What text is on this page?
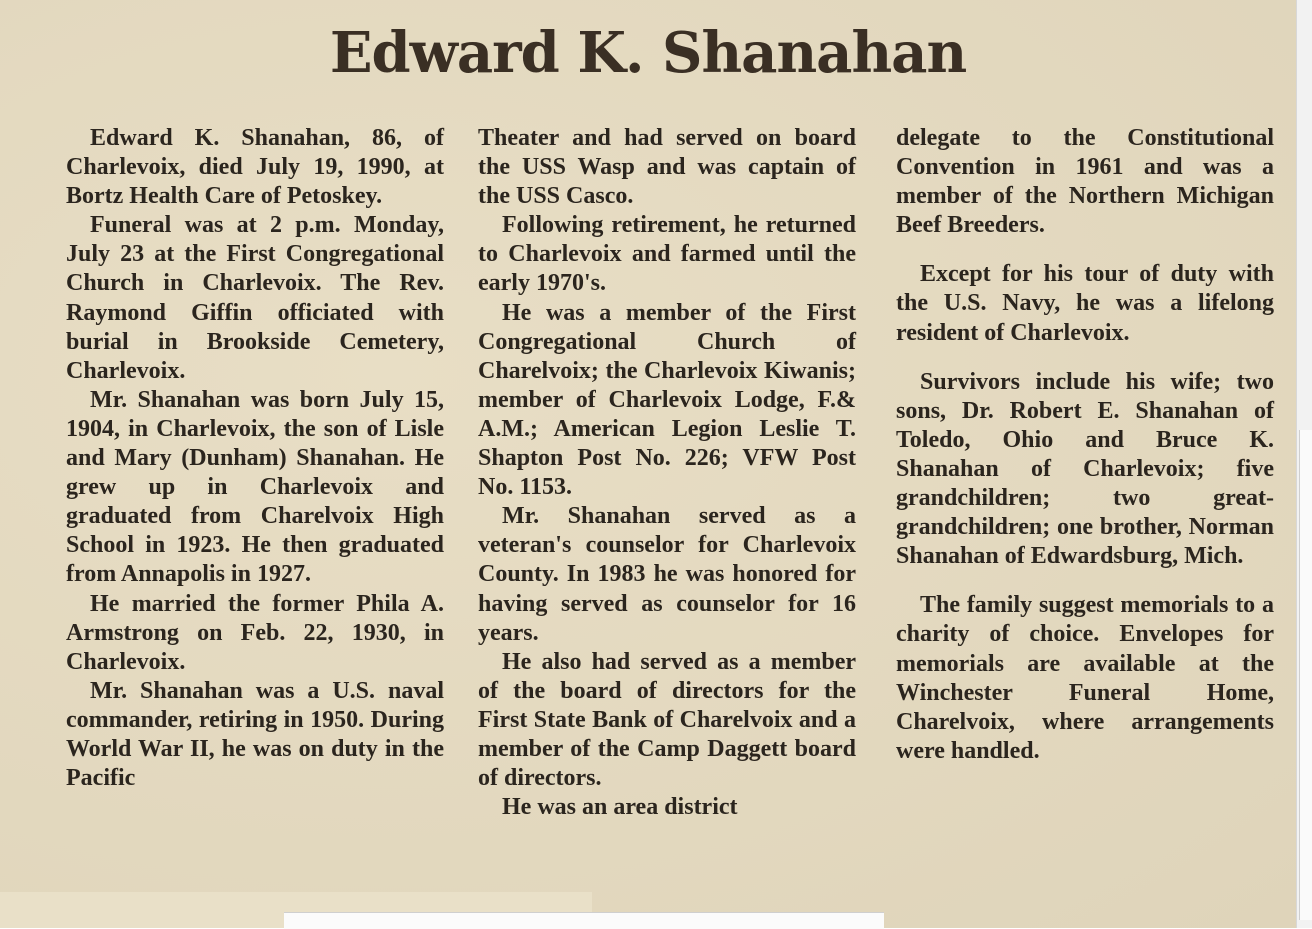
Edward K. Shanahan

Edward K. Shanahan, 86, of Charlevoix, died July 19, 1990, at Bortz Health Care of Petoskey.

Funeral was at 2 p.m. Monday, July 23 at the First Congregational Church in Charlevoix. The Rev. Raymond Giffin officiated with burial in Brookside Cemetery, Charlevoix.

Mr. Shanahan was born July 15, 1904, in Charlevoix, the son of Lisle and Mary (Dunham) Shanahan. He grew up in Charlevoix and graduated from Charelvoix High School in 1923. He then graduated from Annapolis in 1927.

He married the former Phila A. Armstrong on Feb. 22, 1930, in Charlevoix.

Mr. Shanahan was a U.S. naval commander, retiring in 1950. During World War II, he was on duty in the Pacific

Theater and had served on board the USS Wasp and was captain of the USS Casco.

Following retirement, he returned to Charlevoix and farmed until the early 1970's.

He was a member of the First Congregational Church of Charelvoix; the Charlevoix Kiwanis; member of Charlevoix Lodge, F.& A.M.; American Legion Leslie T. Shapton Post No. 226; VFW Post No. 1153.

Mr. Shanahan served as a veteran's counselor for Charlevoix County. In 1983 he was honored for having served as counselor for 16 years.

He also had served as a member of the board of directors for the First State Bank of Charelvoix and a member of the Camp Daggett board of directors.

He was an area district

delegate to the Constitutional Convention in 1961 and was a member of the Northern Michigan Beef Breeders.

Except for his tour of duty with the U.S. Navy, he was a lifelong resident of Charlevoix.

Survivors include his wife; two sons, Dr. Robert E. Shanahan of Toledo, Ohio and Bruce K. Shanahan of Charlevoix; five grandchildren; two great-grandchildren; one brother, Norman Shanahan of Edwardsburg, Mich.

The family suggest memorials to a charity of choice. Envelopes for memorials are available at the Winchester Funeral Home, Charelvoix, where arrangements were handled.
